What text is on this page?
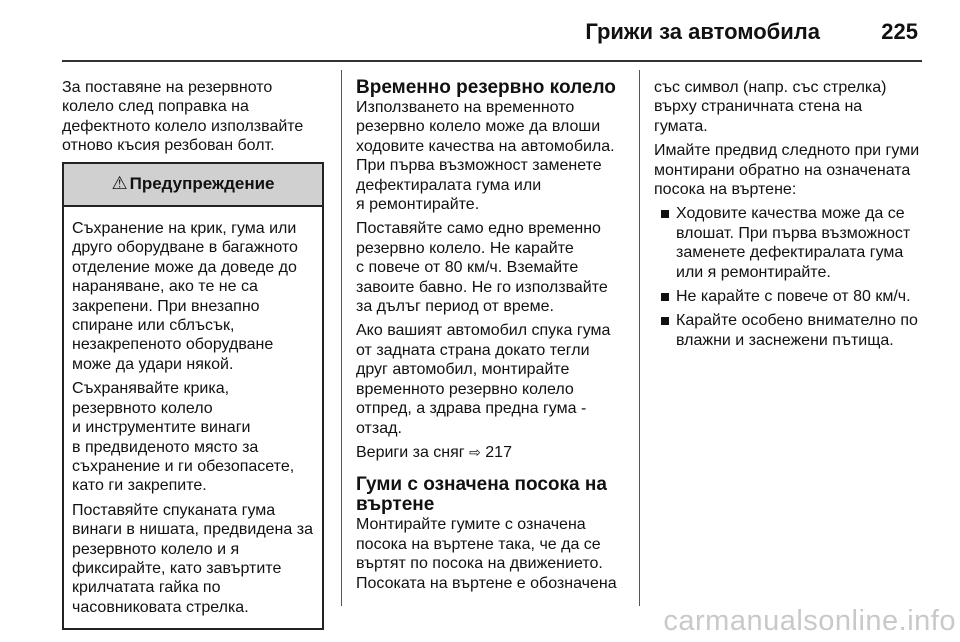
Грижи за автомобила	225

За поставяне на резервното
колело след поправка на
дефектното колело използвайте
отново късия резбован болт.

⚠ Предупреждение

Съхранение на крик, гума или
друго оборудване в багажното
отделение може да доведе до
нараняване, ако те не са
закрепени. При внезапно
спиране или сблъсък,
незакрепеното оборудване
може да удари някой.

Съхранявайте крика,
резервното колело
и инструментите винаги
в предвиденото място за
съхранение и ги обезопасете,
като ги закрепите.

Поставяйте спуканата гума
винаги в нишата, предвидена за
резервното колело и я
фиксирайте, като завъртите
крилчатата гайка по
часовниковата стрелка.

Временно резервно колело

Използването на временното
резервно колело може да влоши
ходовите качества на автомобила.
При първа възможност заменете
дефектиралата гума или
я ремонтирайте.

Поставяйте само едно временно
резервно колело. Не карайте
с повече от 80 км/ч. Вземайте
завоите бавно. Не го използвайте
за дълъг период от време.

Ако вашият автомобил спука гума
от задната страна докато тегли
друг автомобил, монтирайте
временното резервно колело
отпред, а здрава предна гума -
отзад.

Вериги за сняг ⇨ 217

Гуми с означена посока на
въртене

Монтирайте гумите с означена
посока на въртене така, че да се
въртят по посока на движението.
Посоката на въртене е обозначена

със символ (напр. със стрелка)
върху страничната стена на
гумата.

Имайте предвид следното при гуми
монтирани обратно на означената
посока на въртене:

Ходовите качества може да се
влошат. При първа възможност
заменете дефектиралата гума
или я ремонтирайте.
Не карайте с повече от 80 км/ч.
Карайте особено внимателно по
влажни и заснежени пътища.
carmanualsonline.info
